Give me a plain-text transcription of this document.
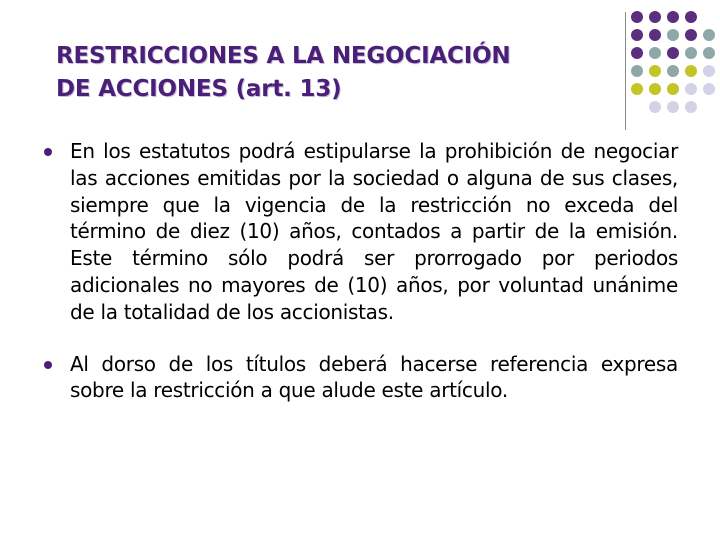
RESTRICCIONES A LA NEGOCIACIÓN
DE ACCIONES (art. 13)
En los estatutos podrá estipularse la prohibición de negociar las acciones emitidas por la sociedad o alguna de sus clases, siempre que la vigencia de la restricción no exceda del término de diez (10) años, contados a partir de la emisión. Este término sólo podrá ser prorrogado por periodos adicionales no mayores de (10) años, por voluntad unánime de la totalidad de los accionistas.
Al dorso de los títulos deberá hacerse referencia expresa sobre la restricción a que alude este artículo.
